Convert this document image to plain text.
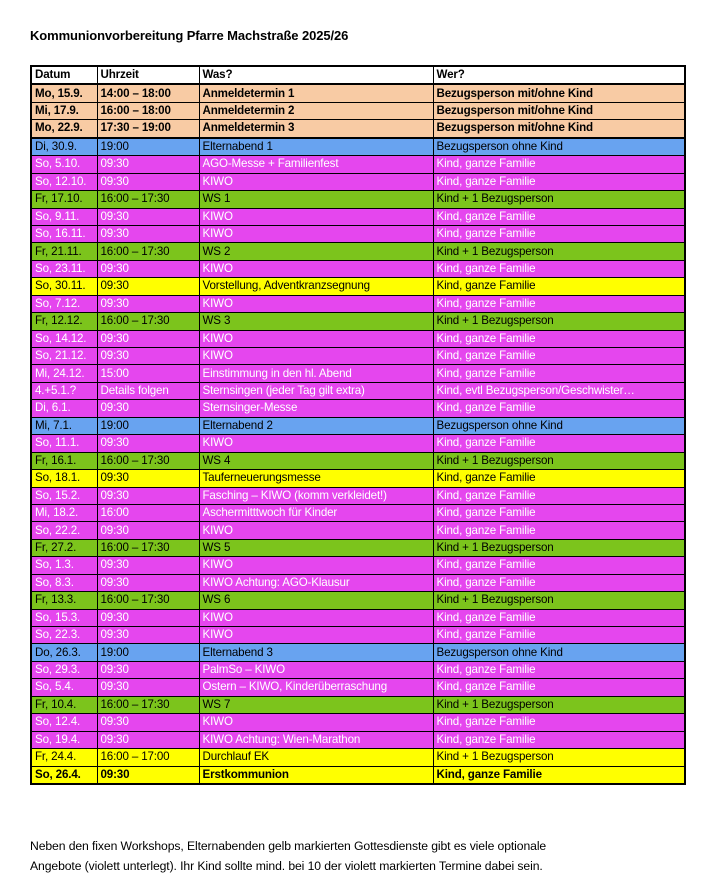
Kommunionvorbereitung Pfarre Machstraße 2025/26
Datum	Uhrzeit	Was?	Wer?
Mo, 15.9.	14:00 – 18:00	Anmeldetermin 1	Bezugsperson mit/ohne Kind
Mi, 17.9.	16:00 – 18:00	Anmeldetermin 2	Bezugsperson mit/ohne Kind
Mo, 22.9.	17:30 – 19:00	Anmeldetermin 3	Bezugsperson mit/ohne Kind
Di, 30.9.	19:00	Elternabend 1	Bezugsperson ohne Kind
So, 5.10.	09:30	AGO-Messe + Familienfest	Kind, ganze Familie
So, 12.10.	09:30	KIWO	Kind, ganze Familie
Fr, 17.10.	16:00 – 17:30	WS 1	Kind + 1 Bezugsperson
So, 9.11.	09:30	KIWO	Kind, ganze Familie
So, 16.11.	09:30	KIWO	Kind, ganze Familie
Fr, 21.11.	16:00 – 17:30	WS 2	Kind + 1 Bezugsperson
So, 23.11.	09:30	KIWO	Kind, ganze Familie
So, 30.11.	09:30	Vorstellung, Adventkranzsegnung	Kind, ganze Familie
So, 7.12.	09:30	KIWO	Kind, ganze Familie
Fr, 12.12.	16:00 – 17:30	WS 3	Kind + 1 Bezugsperson
So, 14.12.	09:30	KIWO	Kind, ganze Familie
So, 21.12.	09:30	KIWO	Kind, ganze Familie
Mi, 24.12.	15:00	Einstimmung in den hl. Abend	Kind, ganze Familie
4.+5.1.?	Details folgen	Sternsingen (jeder Tag gilt extra)	Kind, evtl Bezugsperson/Geschwister…
Di, 6.1.	09:30	Sternsinger-Messe	Kind, ganze Familie
Mi, 7.1.	19:00	Elternabend 2	Bezugsperson ohne Kind
So, 11.1.	09:30	KIWO	Kind, ganze Familie
Fr, 16.1.	16:00 – 17:30	WS 4	Kind + 1 Bezugsperson
So, 18.1.	09:30	Tauferneuerungsmesse	Kind, ganze Familie
So, 15.2.	09:30	Fasching – KIWO (komm verkleidet!)	Kind, ganze Familie
Mi, 18.2.	16:00	Aschermitttwoch für Kinder	Kind, ganze Familie
So, 22.2.	09:30	KIWO	Kind, ganze Familie
Fr, 27.2.	16:00 – 17:30	WS 5	Kind + 1 Bezugsperson
So, 1.3.	09:30	KIWO	Kind, ganze Familie
So, 8.3.	09:30	KIWO Achtung: AGO-Klausur	Kind, ganze Familie
Fr, 13.3.	16:00 – 17:30	WS 6	Kind + 1 Bezugsperson
So, 15.3.	09:30	KIWO	Kind, ganze Familie
So, 22.3.	09:30	KIWO	Kind, ganze Familie
Do, 26.3.	19:00	Elternabend 3	Bezugsperson ohne Kind
So, 29.3.	09:30	PalmSo – KIWO	Kind, ganze Familie
So, 5.4.	09:30	Ostern – KIWO, Kinderüberraschung	Kind, ganze Familie
Fr, 10.4.	16:00 – 17:30	WS 7	Kind + 1 Bezugsperson
So, 12.4.	09:30	KIWO	Kind, ganze Familie
So, 19.4.	09:30	KIWO Achtung: Wien-Marathon	Kind, ganze Familie
Fr, 24.4.	16:00 – 17:00	Durchlauf EK	Kind + 1 Bezugsperson
So, 26.4.	09:30	Erstkommunion	Kind, ganze Familie
Neben den fixen Workshops, Elternabenden gelb markierten Gottesdienste gibt es viele optionale
Angebote (violett unterlegt). Ihr Kind sollte mind. bei 10 der violett markierten Termine dabei sein.
